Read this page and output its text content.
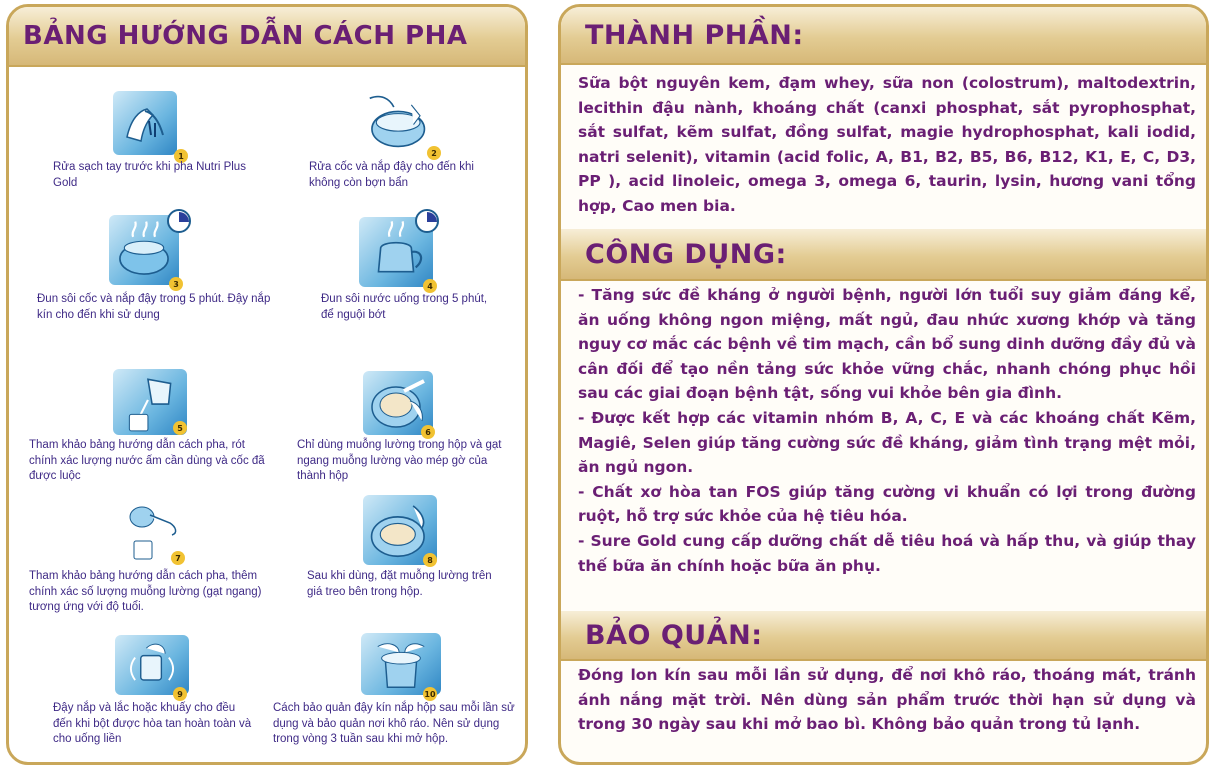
BẢNG HƯỚNG DẪN CÁCH PHA
1
Rửa sạch tay trước khi pha Nutri Plus Gold
2
Rửa cốc và nắp đậy cho đến khi không còn bợn bẩn
3
Đun sôi cốc và nắp đậy trong 5 phút. Đậy nắp kín cho đến khi sử dụng
4
Đun sôi nước uống trong 5 phút, để nguội bớt
5
Tham khảo bảng hướng dẫn cách pha, rót chính xác lượng nước ấm cần dùng và cốc đã được luộc
6
Chỉ dùng muỗng lường trong hộp và gạt ngang muỗng lường vào mép gờ của thành hộp
7
Tham khảo bảng hướng dẫn cách pha, thêm chính xác số lượng muỗng lường (gạt ngang) tương ứng với độ tuổi.
8
Sau khi dùng, đặt muỗng lường trên giá treo bên trong hộp.
9
Đậy nắp và lắc hoặc khuấy cho đều đến khi bột được hòa tan hoàn toàn và cho uống liền
10
Cách bảo quản đậy kín nắp hộp sau mỗi lần sử dụng và bảo quản nơi khô ráo. Nên sử dụng trong vòng 3 tuần sau khi mở hộp.
THÀNH PHẦN:
Sữa bột nguyên kem, đạm whey, sữa non (colostrum), maltodextrin, lecithin đậu nành, khoáng chất (canxi phosphat, sắt pyrophosphat, sắt sulfat, kẽm sulfat, đồng sulfat, magie hydrophosphat, kali iodid, natri selenit), vitamin (acid folic, A, B1, B2, B5, B6, B12, K1, E, C, D3, PP ), acid linoleic, omega 3, omega 6, taurin, lysin, hương vani tổng hợp, Cao men bia.
CÔNG DỤNG:
- Tăng sức đề kháng ở người bệnh, người lớn tuổi suy giảm đáng kể, ăn uống không ngon miệng, mất ngủ, đau nhức xương khớp và tăng nguy cơ mắc các bệnh về tim mạch, cần bổ sung dinh dưỡng đầy đủ và cân đối để tạo nền tảng sức khỏe vững chắc, nhanh chóng phục hồi sau các giai đoạn bệnh tật, sống vui khỏe bên gia đình.
- Được kết hợp các vitamin nhóm B, A, C, E và các khoáng chất Kẽm, Magiê, Selen giúp tăng cường sức đề kháng, giảm tình trạng mệt mỏi, ăn ngủ ngon.
- Chất xơ hòa tan FOS giúp tăng cường vi khuẩn có lợi trong đường ruột, hỗ trợ sức khỏe của hệ tiêu hóa.
- Sure Gold cung cấp dưỡng chất dễ tiêu hoá và hấp thu, và giúp thay thế bữa ăn chính hoặc bữa ăn phụ.
BẢO QUẢN:
Đóng lon kín sau mỗi lần sử dụng, để nơi khô ráo, thoáng mát, tránh ánh nắng mặt trời. Nên dùng sản phẩm trước thời hạn sử dụng và trong 30 ngày sau khi mở bao bì. Không bảo quản trong tủ lạnh.
